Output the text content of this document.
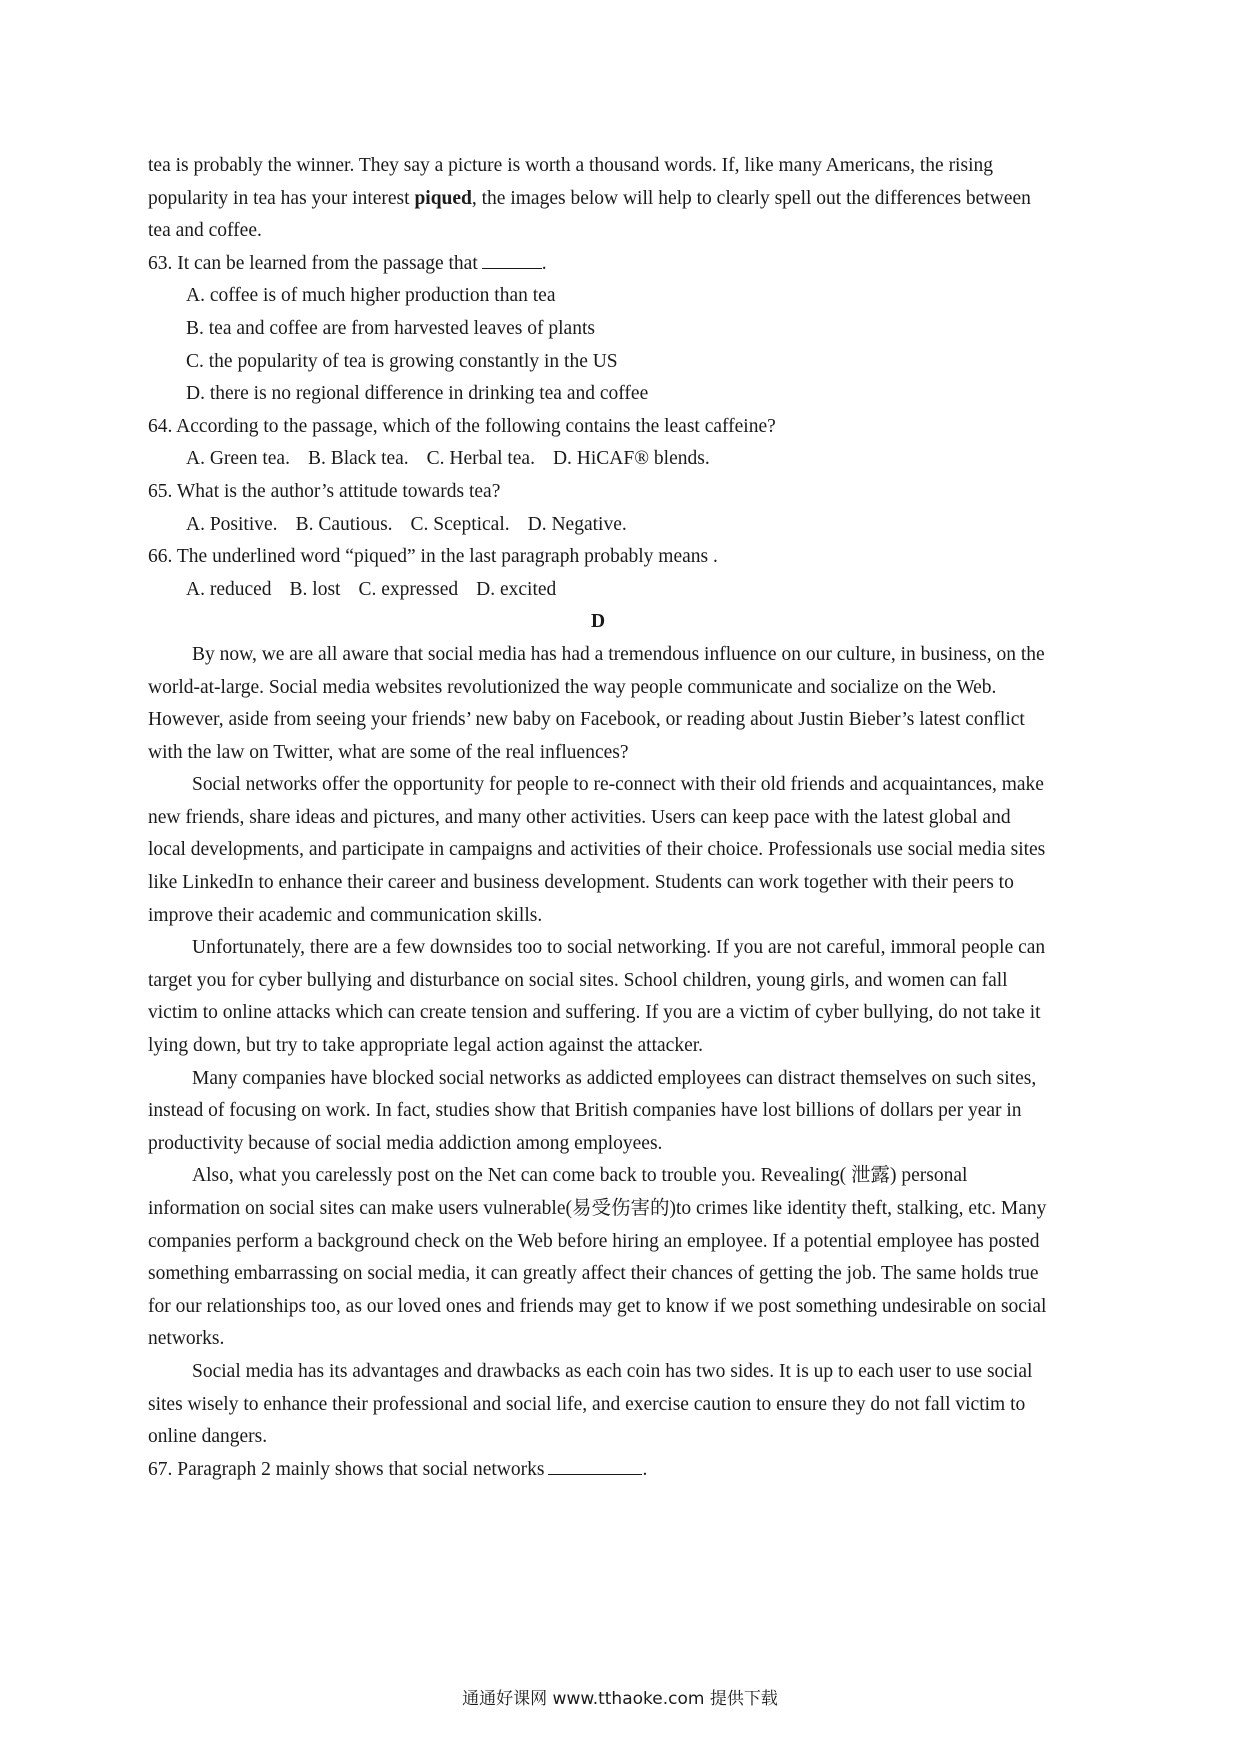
tea is probably the winner. They say a picture is worth a thousand words. If, like many Americans, the rising popularity in tea has your interest piqued, the images below will help to clearly spell out the differences between tea and coffee.

63. It can be learned from the passage that	.

A. coffee is of much higher production than tea

B. tea and coffee are from harvested leaves of plants

C. the popularity of tea is growing constantly in the US

D. there is no regional difference in drinking tea and coffee

64. According to the passage, which of the following contains the least caffeine?

A. Green tea. B. Black tea. C. Herbal tea. D. HiCAF® blends.

65. What is the author’s attitude towards tea?

A. Positive. B. Cautious. C. Sceptical. D. Negative.

66. The underlined word “piqued” in the last paragraph probably means .

A. reduced B. lost C. expressed D. excited

D

By now, we are all aware that social media has had a tremendous influence on our culture, in business, on the world-at-large. Social media websites revolutionized the way people communicate and socialize on the Web. However, aside from seeing your friends’ new baby on Facebook, or reading about Justin Bieber’s latest conflict with the law on Twitter, what are some of the real influences?

Social networks offer the opportunity for people to re-connect with their old friends and acquaintances, make new friends, share ideas and pictures, and many other activities. Users can keep pace with the latest global and local developments, and participate in campaigns and activities of their choice. Professionals use social media sites like LinkedIn to enhance their career and business development. Students can work together with their peers to improve their academic and communication skills.

Unfortunately, there are a few downsides too to social networking. If you are not careful, immoral people can target you for cyber bullying and disturbance on social sites. School children, young girls, and women can fall victim to online attacks which can create tension and suffering. If you are a victim of cyber bullying, do not take it lying down, but try to take appropriate legal action against the attacker.

Many companies have blocked social networks as addicted employees can distract themselves on such sites, instead of focusing on work. In fact, studies show that British companies have lost billions of dollars per year in productivity because of social media addiction among employees.

Also, what you carelessly post on the Net can come back to trouble you. Revealing( 泄露) personal information on social sites can make users vulnerable(易受伤害的)to crimes like identity theft, stalking, etc. Many companies perform a background check on the Web before hiring an employee. If a potential employee has posted something embarrassing on social media, it can greatly affect their chances of getting the job. The same holds true for our relationships too, as our loved ones and friends may get to know if we post something undesirable on social networks.

Social media has its advantages and drawbacks as each coin has two sides. It is up to each user to use social sites wisely to enhance their professional and social life, and exercise caution to ensure they do not fall victim to online dangers.

67. Paragraph 2 mainly shows that social networks	.

通通好课网 www.tthaoke.com 提供下载
